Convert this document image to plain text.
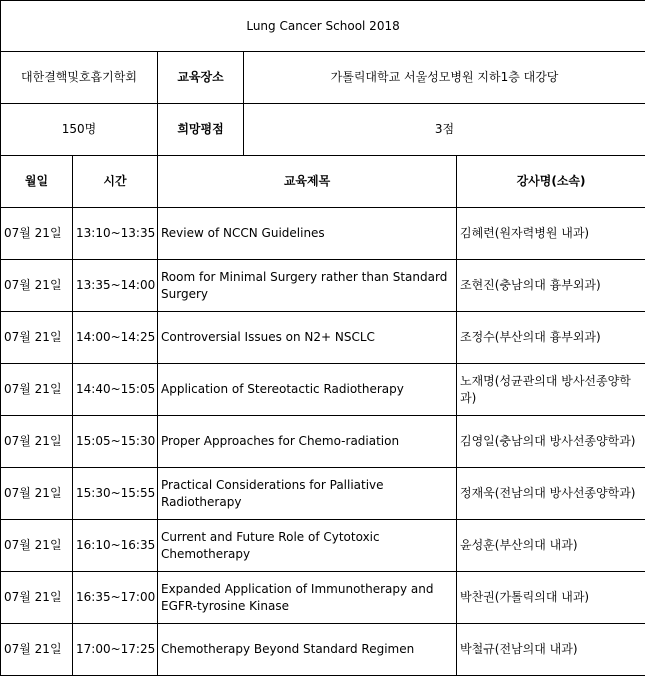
Lung Cancer School 2018				
대한결핵및호흡기학회		교육장소	가톨릭대학교 서울성모병원 지하1층 대강당	
150명		희망평점	3점	
월일	시간	교육제목		강사명(소속)
07월 21일	13:10~13:35	Review of NCCN Guidelines		김혜련(원자력병원 내과)
07월 21일	13:35~14:00	Room for Minimal Surgery rather than Standard Surgery		조현진(충남의대 흉부외과)
07월 21일	14:00~14:25	Controversial Issues on N2+ NSCLC		조정수(부산의대 흉부외과)
07월 21일	14:40~15:05	Application of Stereotactic Radiotherapy		노재명(성균관의대 방사선종양학과)
07월 21일	15:05~15:30	Proper Approaches for Chemo-radiation		김영일(충남의대 방사선종양학과)
07월 21일	15:30~15:55	Practical Considerations for Palliative Radiotherapy		정재욱(전남의대 방사선종양학과)
07월 21일	16:10~16:35	Current and Future Role of Cytotoxic Chemotherapy		윤성훈(부산의대 내과)
07월 21일	16:35~17:00	Expanded Application of Immunotherapy and EGFR-tyrosine Kinase		박찬권(가톨릭의대 내과)
07월 21일	17:00~17:25	Chemotherapy Beyond Standard Regimen		박철규(전남의대 내과)
